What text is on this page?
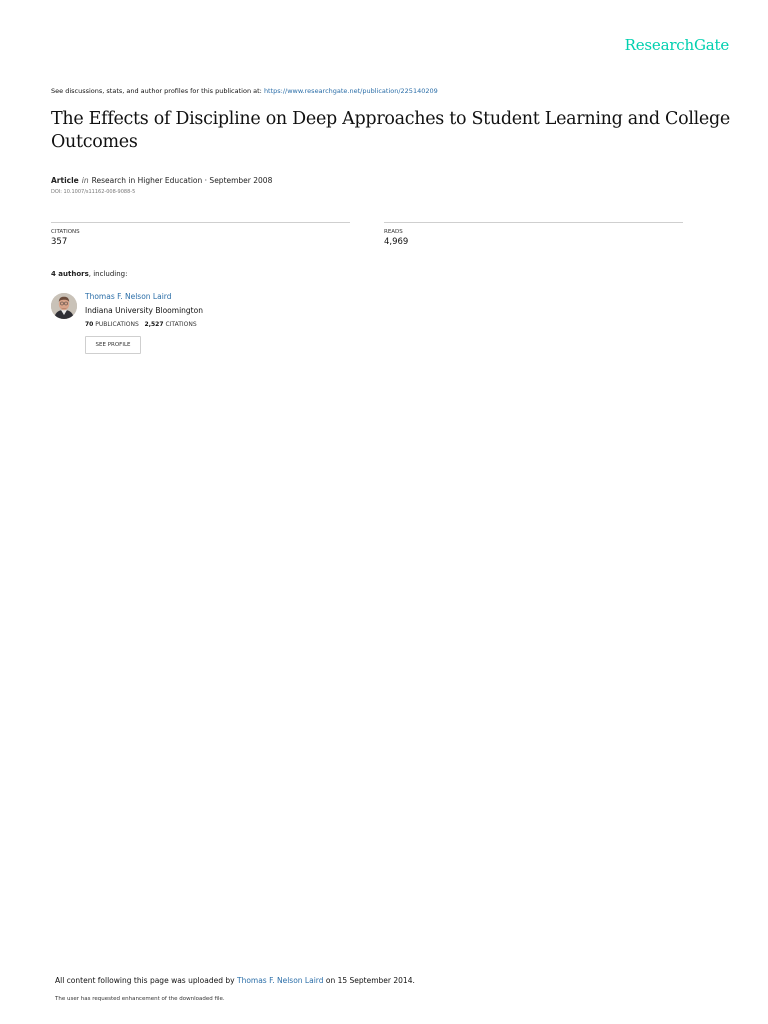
ResearchGate
See discussions, stats, and author profiles for this publication at: https://www.researchgate.net/publication/225140209
The Effects of Discipline on Deep Approaches to Student Learning and College Outcomes
Article in Research in Higher Education · September 2008
DOI: 10.1007/s11162-008-9088-5
CITATIONS
357
READS
4,969
4 authors, including:
Thomas F. Nelson Laird
Indiana University Bloomington
70 PUBLICATIONS 2,527 CITATIONS
SEE PROFILE
All content following this page was uploaded by Thomas F. Nelson Laird on 15 September 2014.
The user has requested enhancement of the downloaded file.
